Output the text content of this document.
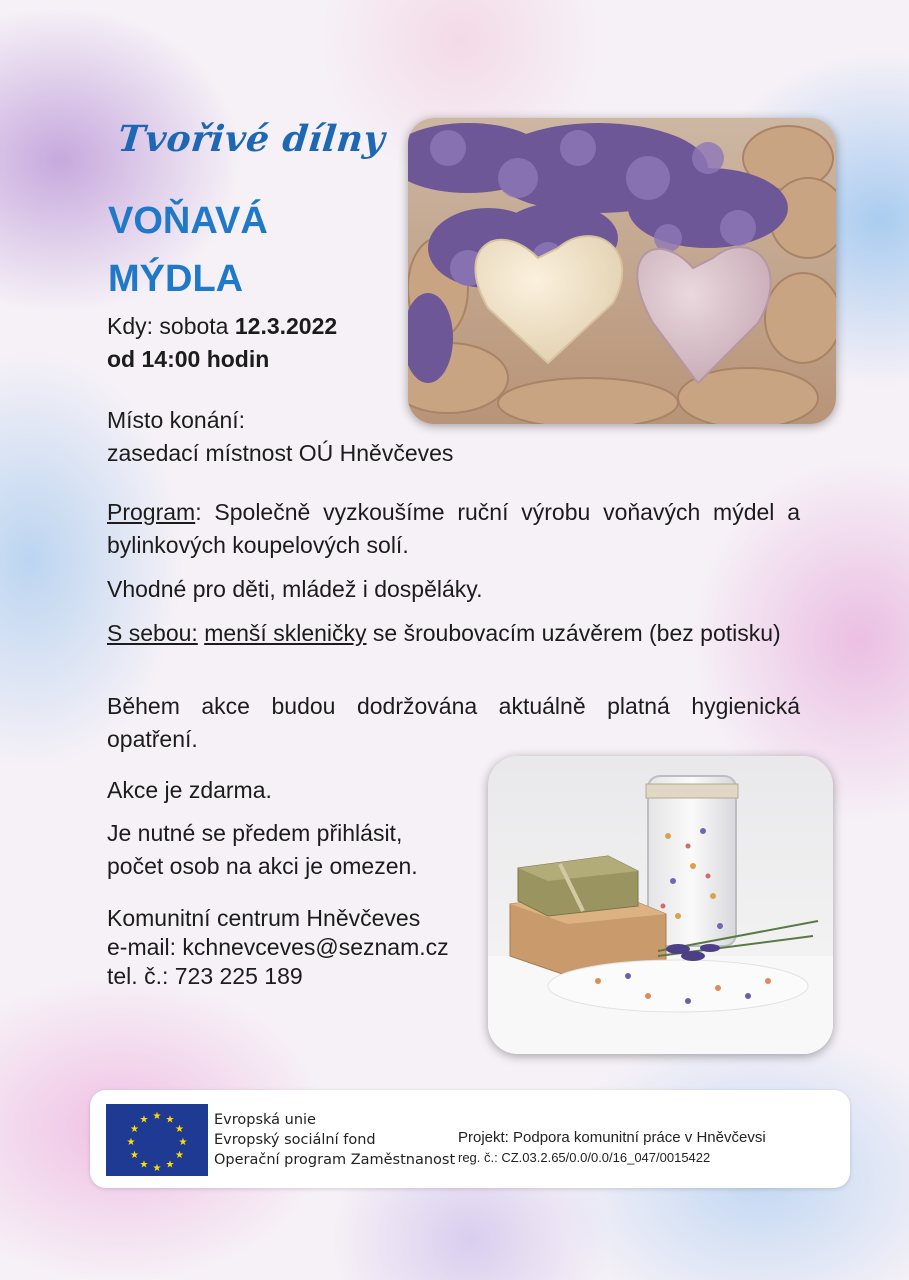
Tvořivé dílny
VOŇAVÁ
MÝDLA
Kdy: sobota 12.3.2022
od 14:00 hodin
Místo konání:
zasedací místnost OÚ Hněvčeves

Program: Společně vyzkoušíme ruční výrobu voňavých mýdel a bylinkových koupelových solí.

Vhodné pro děti, mládež i dospěláky.

S sebou: menší skleničky se šroubovacím uzávěrem (bez potisku)

Během akce budou dodržována aktuálně platná hygienická opatření.

Akce je zdarma.
Je nutné se předem přihlásit,
počet osob na akci je omezen.
Komunitní centrum Hněvčeves
e-mail: kchnevceves@seznam.cz
tel. č.: 723 225 189
★ ★
★
★
★
★
★
★
★
★
★
★	Evropská unie
Evropský sociální fond
Operační program Zaměstnanost
Projekt: Podpora komunitní práce v Hněvčevsi
reg. č.: CZ.03.2.65/0.0/0.0/16_047/0015422
